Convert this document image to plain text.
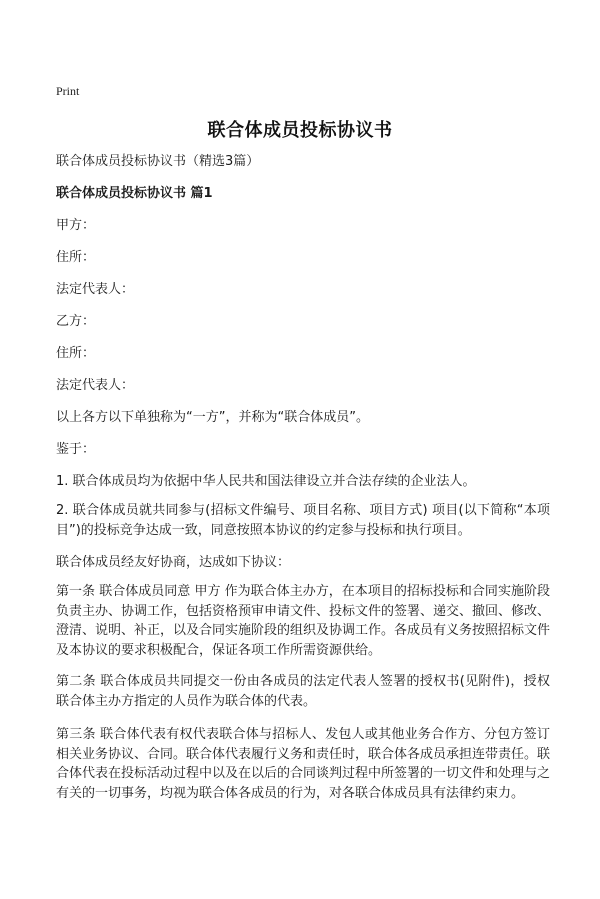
Print
联合体成员投标协议书
联合体成员投标协议书（精选3篇）
联合体成员投标协议书 篇1
甲方：
住所：
法定代表人：
乙方：
住所：
法定代表人：
以上各方以下单独称为“一方”，并称为“联合体成员”。
鉴于：
1. 联合体成员均为依据中华人民共和国法律设立并合法存续的企业法人。
2. 联合体成员就共同参与(招标文件编号、项目名称、项目方式) 项目(以下简称“本项目”)的投标竞争达成一致，同意按照本协议的约定参与投标和执行项目。
联合体成员经友好协商，达成如下协议：
第一条 联合体成员同意 甲方 作为联合体主办方，在本项目的招标投标和合同实施阶段负责主办、协调工作，包括资格预审申请文件、投标文件的签署、递交、撤回、修改、澄清、说明、补正，以及合同实施阶段的组织及协调工作。各成员有义务按照招标文件及本协议的要求积极配合，保证各项工作所需资源供给。
第二条 联合体成员共同提交一份由各成员的法定代表人签署的授权书(见附件)，授权联合体主办方指定的人员作为联合体的代表。
第三条 联合体代表有权代表联合体与招标人、发包人或其他业务合作方、分包方签订相关业务协议、合同。联合体代表履行义务和责任时，联合体各成员承担连带责任。联合体代表在投标活动过程中以及在以后的合同谈判过程中所签署的一切文件和处理与之有关的一切事务，均视为联合体各成员的行为，对各联合体成员具有法律约束力。
